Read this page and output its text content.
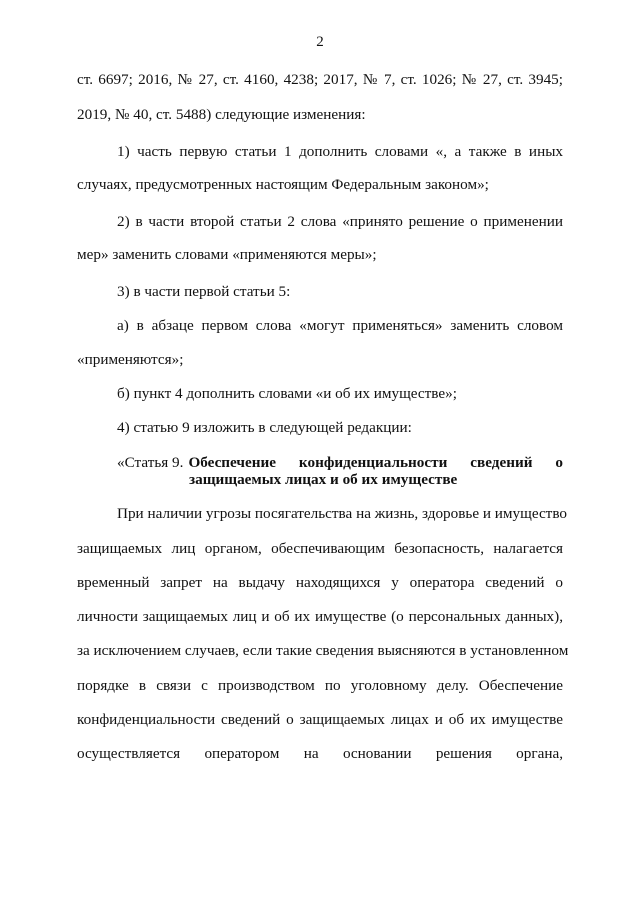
2
ст. 6697; 2016, № 27, ст. 4160, 4238; 2017, № 7, ст. 1026; № 27, ст. 3945;
2019, № 40, ст. 5488) следующие изменения:
1) часть первую статьи 1 дополнить словами «, а также в иных
случаях, предусмотренных настоящим Федеральным законом»;
2) в части второй статьи 2 слова «принято решение о применении
мер» заменить словами «применяются меры»;
3) в части первой статьи 5:
а) в абзаце первом слова «могут применяться» заменить словом
«применяются»;
б) пункт 4 дополнить словами «и об их имуществе»;
4) статью 9 изложить в следующей редакции:
«Статья 9. Обеспечение конфиденциальности сведений о
защищаемых лицах и об их имуществе
При наличии угрозы посягательства на жизнь, здоровье и имущество
защищаемых лиц органом, обеспечивающим безопасность, налагается
временный запрет на выдачу находящихся у оператора сведений о
личности защищаемых лиц и об их имуществе (о персональных данных),
за исключением случаев, если такие сведения выясняются в установленном
порядке в связи с производством по уголовному делу. Обеспечение
конфиденциальности сведений о защищаемых лицах и об их имуществе
осуществляется оператором на основании решения органа,
